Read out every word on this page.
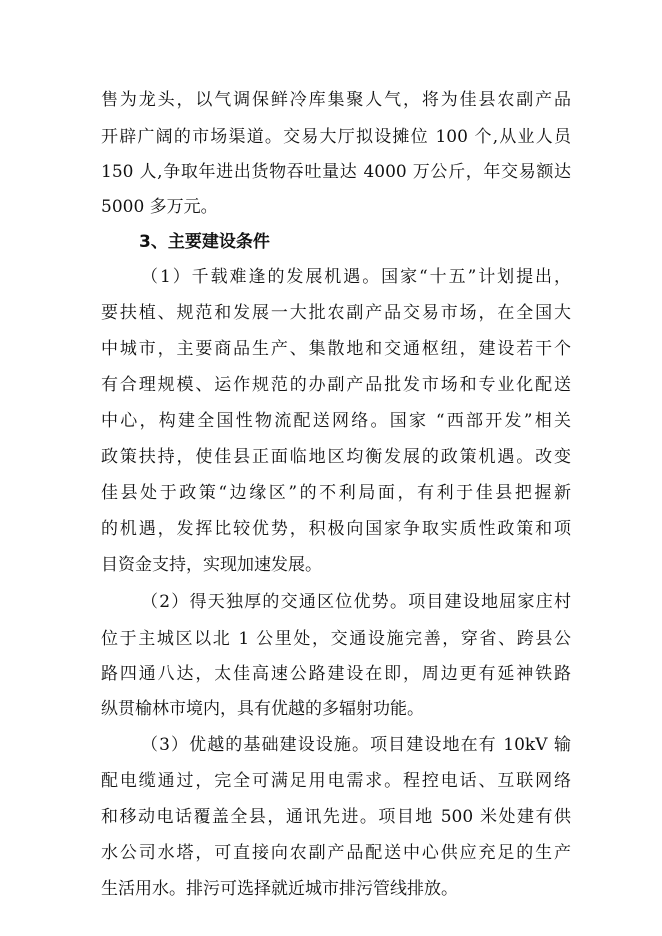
售为龙头，以气调保鲜冷库集聚人气，将为佳县农副产品
开辟广阔的市场渠道。交易大厅拟设摊位 100 个,从业人员
150 人,争取年进出货物吞吐量达 4000 万公斤，年交易额达
5000 多万元。
3、主要建设条件
（1）千载难逢的发展机遇。国家“十五”计划提出，
要扶植、规范和发展一大批农副产品交易市场，在全国大
中城市，主要商品生产、集散地和交通枢纽，建设若干个
有合理规模、运作规范的办副产品批发市场和专业化配送
中心，构建全国性物流配送网络。国家 “西部开发”相关
政策扶持，使佳县正面临地区均衡发展的政策机遇。改变
佳县处于政策“边缘区”的不利局面，有利于佳县把握新
的机遇，发挥比较优势，积极向国家争取实质性政策和项
目资金支持，实现加速发展。
（2）得天独厚的交通区位优势。项目建设地屈家庄村
位于主城区以北 1 公里处，交通设施完善，穿省、跨县公
路四通八达，太佳高速公路建设在即，周边更有延神铁路
纵贯榆林市境内，具有优越的多辐射功能。
（3）优越的基础建设设施。项目建设地在有 10kV 输
配电缆通过，完全可满足用电需求。程控电话、互联网络
和移动电话覆盖全县，通讯先进。项目地 500 米处建有供
水公司水塔，可直接向农副产品配送中心供应充足的生产
生活用水。排污可选择就近城市排污管线排放。
